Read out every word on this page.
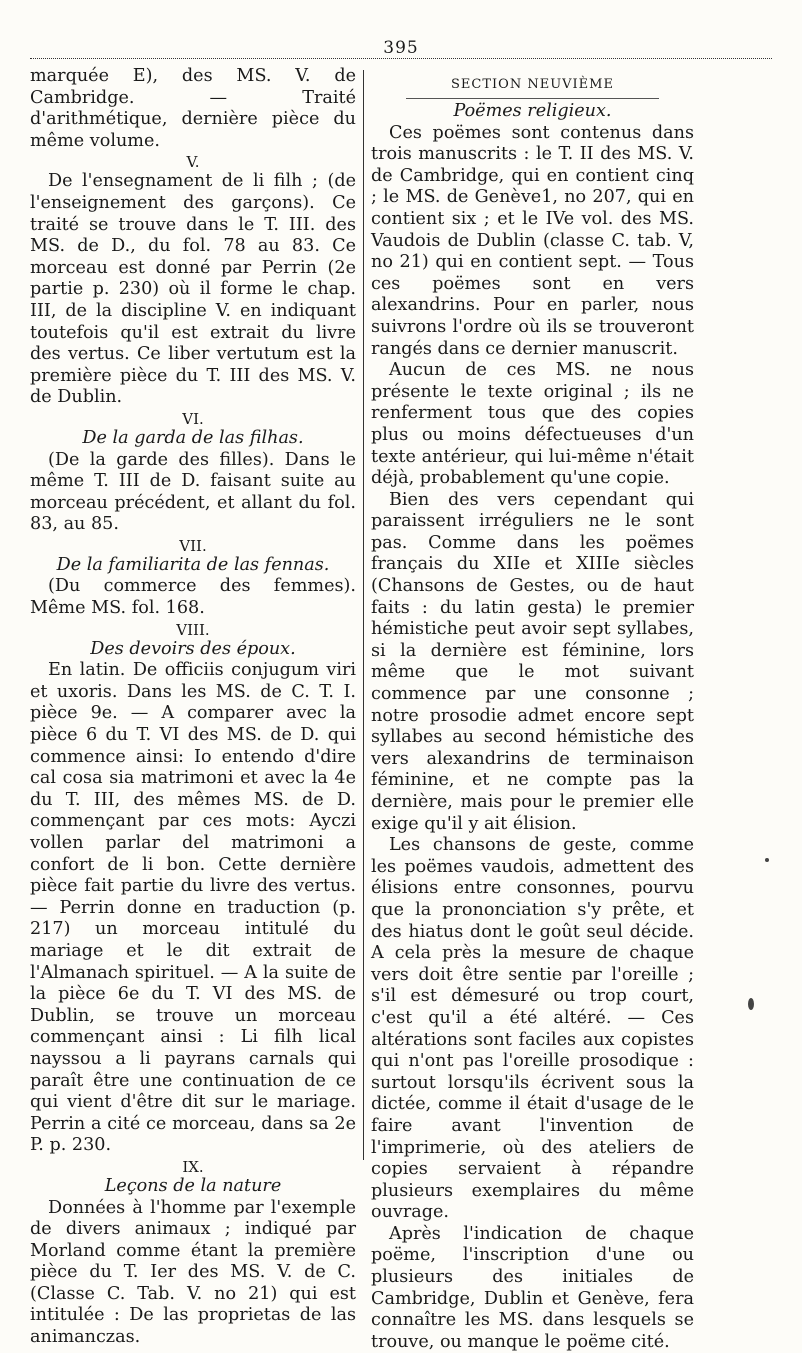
395

marquée E), des MS. V. de Cambridge. — Traité d'arithmétique, dernière pièce du même volume.

V.

De l'ensegnament de li filh ; (de l'enseignement des garçons). Ce traité se trouve dans le T. III. des MS. de D., du fol. 78 au 83. Ce morceau est donné par Perrin (2e partie p. 230) où il forme le chap. III, de la discipline V. en indiquant toutefois qu'il est extrait du livre des vertus. Ce liber vertutum est la première pièce du T. III des MS. V. de Dublin.

VI.

De la garda de las filhas.

(De la garde des filles). Dans le même T. III de D. faisant suite au morceau précédent, et allant du fol. 83, au 85.

VII.

De la familiarita de las fennas.

(Du commerce des femmes). Même MS. fol. 168.

VIII.

Des devoirs des époux.

En latin. De officiis conjugum viri et uxoris. Dans les MS. de C. T. I. pièce 9e. — A comparer avec la pièce 6 du T. VI des MS. de D. qui commence ainsi: Io entendo d'dire cal cosa sia matrimoni et avec la 4e du T. III, des mêmes MS. de D. commençant par ces mots: Ayczi vollen parlar del matrimoni a confort de li bon. Cette dernière pièce fait partie du livre des vertus. — Perrin donne en traduction (p. 217) un morceau intitulé du mariage et le dit extrait de l'Almanach spirituel. — A la suite de la pièce 6e du T. VI des MS. de Dublin, se trouve un morceau commençant ainsi : Li filh lical nayssou a li payrans carnals qui paraît être une continuation de ce qui vient d'être dit sur le mariage. Perrin a cité ce morceau, dans sa 2e P. p. 230.

IX.

Leçons de la nature

Données à l'homme par l'exemple de divers animaux ; indiqué par Morland comme étant la première pièce du T. Ier des MS. V. de C. (Classe C. Tab. V. no 21) qui est intitulée : De las proprietas de las animanczas.

SECTION NEUVIÈME

Poëmes religieux.

Ces poëmes sont contenus dans trois manuscrits : le T. II des MS. V. de Cambridge, qui en contient cinq ; le MS. de Genève1, no 207, qui en contient six ; et le IVe vol. des MS. Vaudois de Dublin (classe C. tab. V, no 21) qui en contient sept. — Tous ces poëmes sont en vers alexandrins. Pour en parler, nous suivrons l'ordre où ils se trouveront rangés dans ce dernier manuscrit.

Aucun de ces MS. ne nous présente le texte original ; ils ne renferment tous que des copies plus ou moins défectueuses d'un texte antérieur, qui lui-même n'était déjà, probablement qu'une copie.

Bien des vers cependant qui paraissent irréguliers ne le sont pas. Comme dans les poëmes français du XIIe et XIIIe siècles (Chansons de Gestes, ou de haut faits : du latin gesta) le premier hémistiche peut avoir sept syllabes, si la dernière est féminine, lors même que le mot suivant commence par une consonne ; notre prosodie admet encore sept syllabes au second hémistiche des vers alexandrins de terminaison féminine, et ne compte pas la dernière, mais pour le premier elle exige qu'il y ait élision.

Les chansons de geste, comme les poëmes vaudois, admettent des élisions entre consonnes, pourvu que la prononciation s'y prête, et des hiatus dont le goût seul décide. A cela près la mesure de chaque vers doit être sentie par l'oreille ; s'il est démesuré ou trop court, c'est qu'il a été altéré. — Ces altérations sont faciles aux copistes qui n'ont pas l'oreille prosodique : surtout lorsqu'ils écrivent sous la dictée, comme il était d'usage de le faire avant l'invention de l'imprimerie, où des ateliers de copies servaient à répandre plusieurs exemplaires du même ouvrage.

Après l'indication de chaque poëme, l'inscription d'une ou plusieurs des initiales de Cambridge, Dublin et Genève, fera connaître les MS. dans lesquels se trouve, ou manque le poëme cité.
